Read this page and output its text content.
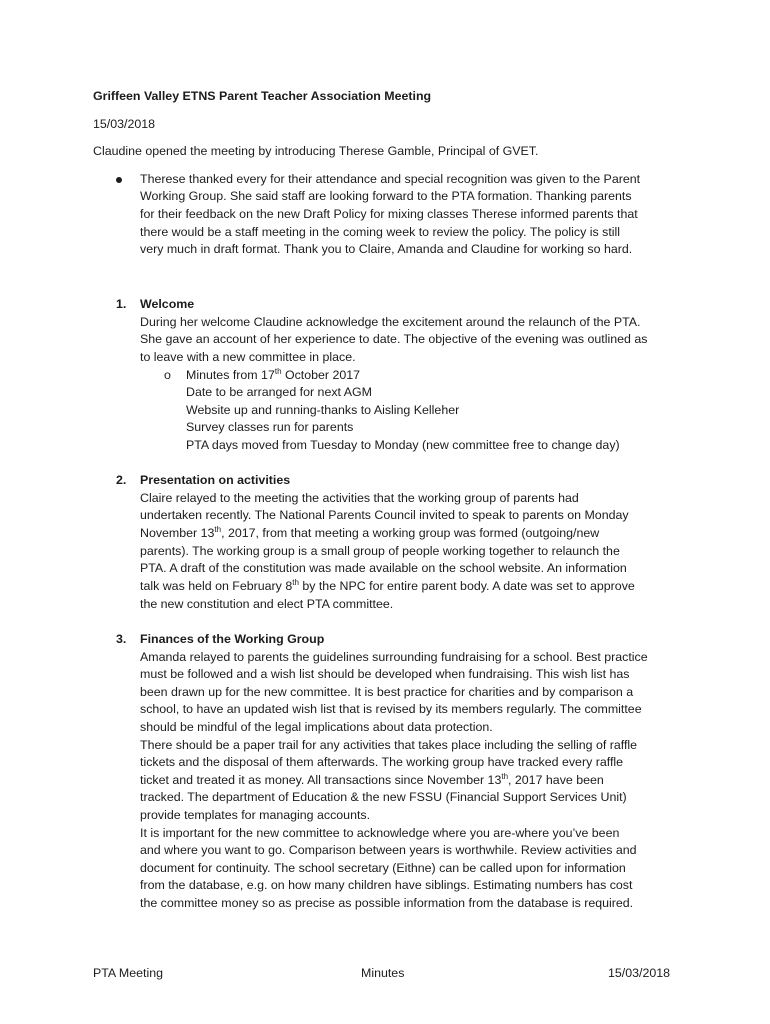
Griffeen Valley ETNS Parent Teacher Association Meeting
15/03/2018
Claudine opened the meeting by introducing Therese Gamble, Principal of GVET.
Therese thanked every for their attendance and special recognition was given to the Parent
Working Group. She said staff are looking forward to the PTA formation. Thanking parents
for their feedback on the new Draft Policy for mixing classes Therese informed parents that
there would be a staff meeting in the coming week to review the policy. The policy is still
very much in draft format. Thank you to Claire, Amanda and Claudine for working so hard.
1. Welcome
During her welcome Claudine acknowledge the excitement around the relaunch of the PTA.
She gave an account of her experience to date. The objective of the evening was outlined as
to leave with a new committee in place.
o Minutes from 17th October 2017
Date to be arranged for next AGM
Website up and running-thanks to Aisling Kelleher
Survey classes run for parents
PTA days moved from Tuesday to Monday (new committee free to change day)
2. Presentation on activities
Claire relayed to the meeting the activities that the working group of parents had
undertaken recently. The National Parents Council invited to speak to parents on Monday
November 13th, 2017, from that meeting a working group was formed (outgoing/new
parents). The working group is a small group of people working together to relaunch the
PTA. A draft of the constitution was made available on the school website. An information
talk was held on February 8th by the NPC for entire parent body. A date was set to approve
the new constitution and elect PTA committee.
3. Finances of the Working Group
Amanda relayed to parents the guidelines surrounding fundraising for a school. Best practice
must be followed and a wish list should be developed when fundraising. This wish list has
been drawn up for the new committee. It is best practice for charities and by comparison a
school, to have an updated wish list that is revised by its members regularly. The committee
should be mindful of the legal implications about data protection.
There should be a paper trail for any activities that takes place including the selling of raffle
tickets and the disposal of them afterwards. The working group have tracked every raffle
ticket and treated it as money. All transactions since November 13th, 2017 have been
tracked. The department of Education & the new FSSU (Financial Support Services Unit)
provide templates for managing accounts.
It is important for the new committee to acknowledge where you are-where you’ve been
and where you want to go. Comparison between years is worthwhile. Review activities and
document for continuity. The school secretary (Eithne) can be called upon for information
from the database, e.g. on how many children have siblings. Estimating numbers has cost
the committee money so as precise as possible information from the database is required.
PTA Meeting	Minutes	15/03/2018
